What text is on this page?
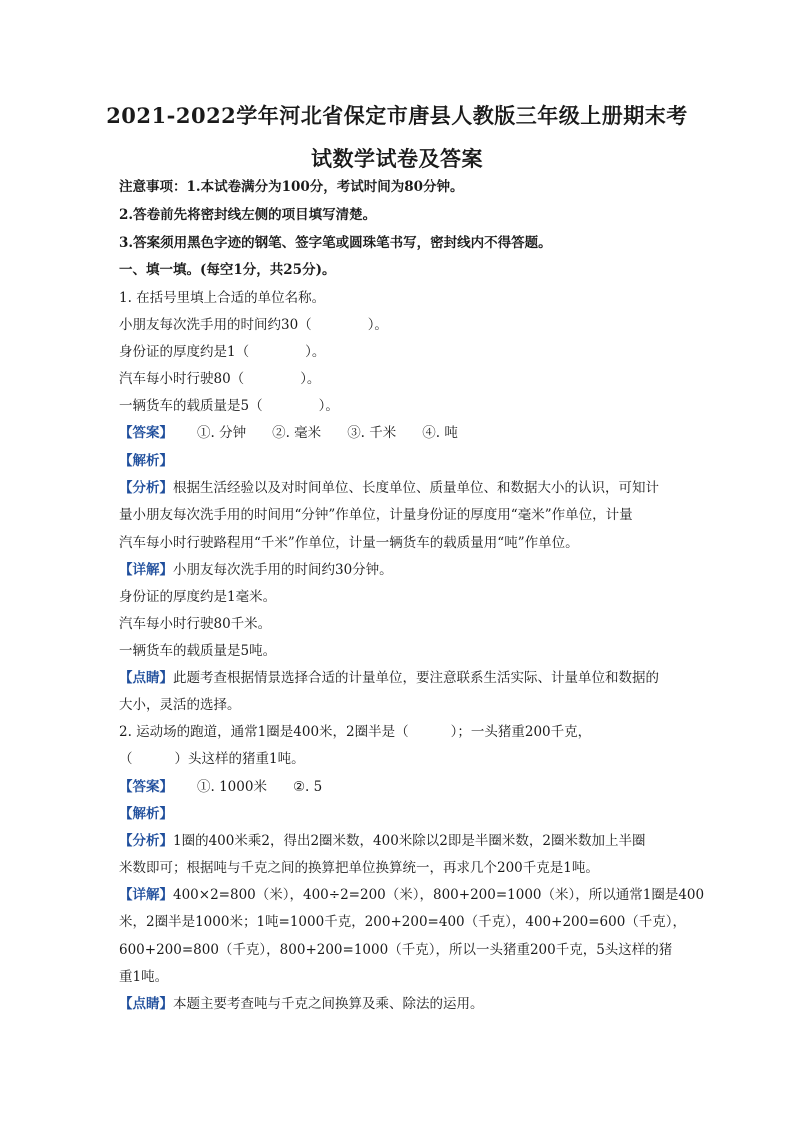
2021-2022学年河北省保定市唐县人教版三年级上册期末考
试数学试卷及答案
注意事项：1.本试卷满分为100分，考试时间为80分钟。
2.答卷前先将密封线左侧的项目填写清楚。
3.答案须用黑色字迹的钢笔、签字笔或圆珠笔书写，密封线内不得答题。
一、填一填。(每空1分，共25分)。
1. 在括号里填上合适的单位名称。
小朋友每次洗手用的时间约30（	）。
身份证的厚度约是1（	）。
汽车每小时行驶80（	）。
一辆货车的载质量是5（	）。
【答案】 ①. 分钟 ②. 毫米 ③. 千米 ④. 吨
【解析】
【分析】根据生活经验以及对时间单位、长度单位、质量单位、和数据大小的认识，可知计
量小朋友每次洗手用的时间用“分钟”作单位，计量身份证的厚度用“毫米”作单位，计量
汽车每小时行驶路程用“千米”作单位，计量一辆货车的载质量用“吨”作单位。
【详解】小朋友每次洗手用的时间约30分钟。
身份证的厚度约是1毫米。
汽车每小时行驶80千米。
一辆货车的载质量是5吨。
【点睛】此题考查根据情景选择合适的计量单位，要注意联系生活实际、计量单位和数据的
大小，灵活的选择。
2. 运动场的跑道，通常1圈是400米，2圈半是（	）；一头猪重200千克，
（	）头这样的猪重1吨。
【答案】 ①. 1000米 ②. 5
【解析】
【分析】1圈的400米乘2，得出2圈米数，400米除以2即是半圈米数，2圈米数加上半圈
米数即可；根据吨与千克之间的换算把单位换算统一，再求几个200千克是1吨。
【详解】400×2=800（米），400÷2=200（米），800+200=1000（米），所以通常1圈是400
米，2圈半是1000米；1吨=1000千克，200+200=400（千克），400+200=600（千克），
600+200=800（千克），800+200=1000（千克），所以一头猪重200千克，5头这样的猪
重1吨。
【点睛】本题主要考查吨与千克之间换算及乘、除法的运用。
